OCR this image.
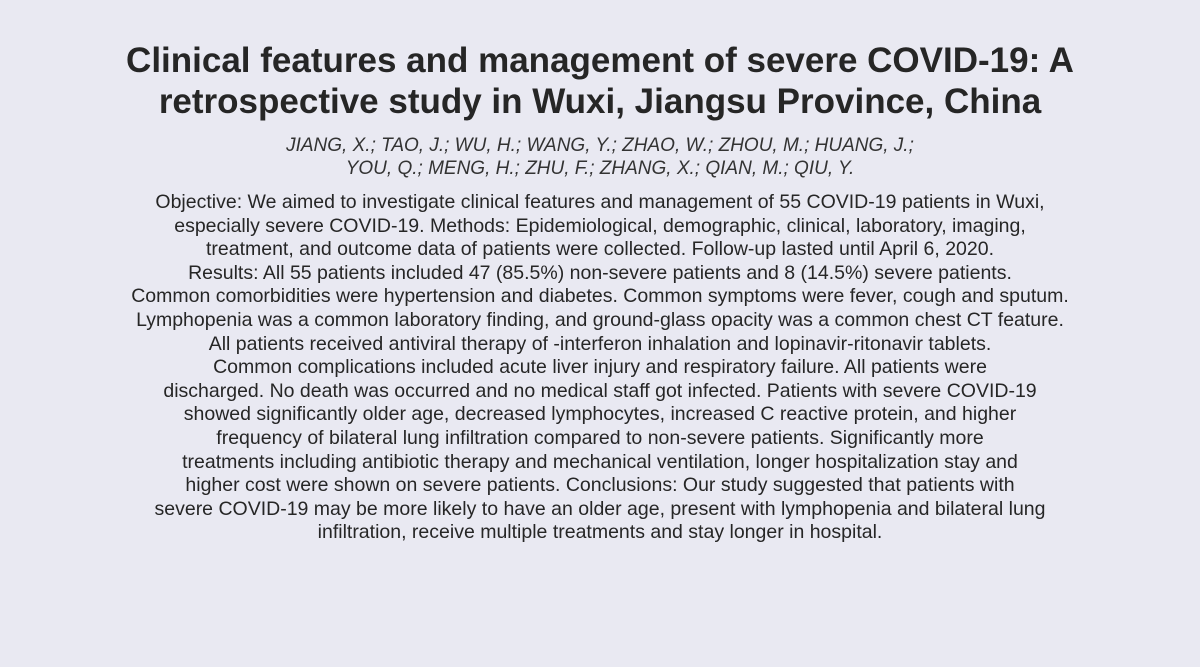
Clinical features and management of severe COVID-19: A
retrospective study in Wuxi, Jiangsu Province, China
JIANG, X.; TAO, J.; WU, H.; WANG, Y.; ZHAO, W.; ZHOU, M.; HUANG, J.;
YOU, Q.; MENG, H.; ZHU, F.; ZHANG, X.; QIAN, M.; QIU, Y.
Objective: We aimed to investigate clinical features and management of 55 COVID-19 patients in Wuxi,
especially severe COVID-19. Methods: Epidemiological, demographic, clinical, laboratory, imaging,
treatment, and outcome data of patients were collected. Follow-up lasted until April 6, 2020.
Results: All 55 patients included 47 (85.5%) non-severe patients and 8 (14.5%) severe patients.
Common comorbidities were hypertension and diabetes. Common symptoms were fever, cough and sputum.
Lymphopenia was a common laboratory finding, and ground-glass opacity was a common chest CT feature.
All patients received antiviral therapy of -interferon inhalation and lopinavir-ritonavir tablets.
Common complications included acute liver injury and respiratory failure. All patients were
discharged. No death was occurred and no medical staff got infected. Patients with severe COVID-19
showed significantly older age, decreased lymphocytes, increased C reactive protein, and higher
frequency of bilateral lung infiltration compared to non-severe patients. Significantly more
treatments including antibiotic therapy and mechanical ventilation, longer hospitalization stay and
higher cost were shown on severe patients. Conclusions: Our study suggested that patients with
severe COVID-19 may be more likely to have an older age, present with lymphopenia and bilateral lung
infiltration, receive multiple treatments and stay longer in hospital.
